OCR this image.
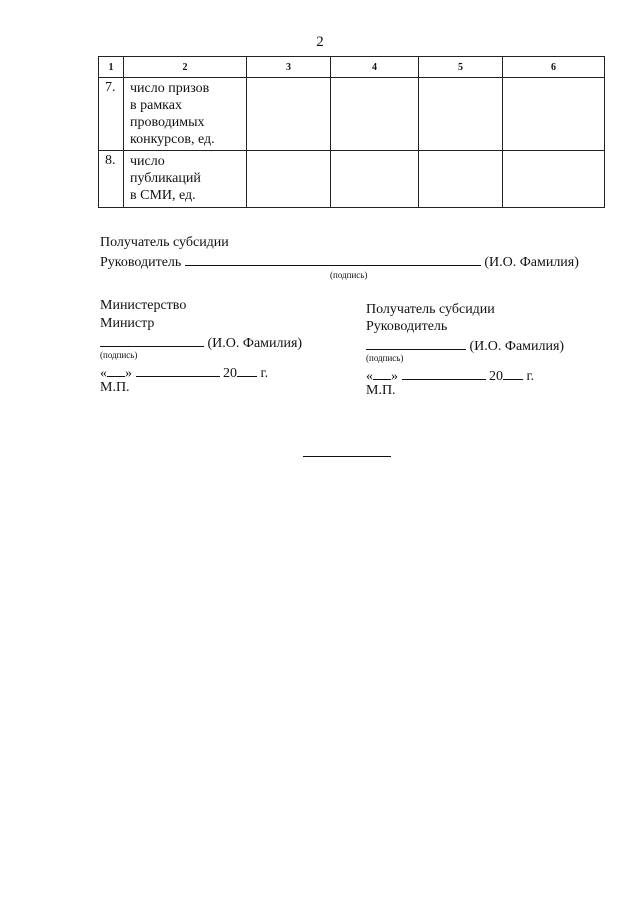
2
1	2	3	4	5	6
7.	число призов
в рамках
проводимых
конкурсов, ед.				

8.	число
публикаций
в СМИ, ед.				

Получатель субсидии
Руководитель	(И.О. Фамилия)
(подпись)
Министерство
Министр
(И.О. Фамилия)
(подпись)
« »	20 г.
М.П.
Получатель субсидии
Руководитель
(И.О. Фамилия)
(подпись)
« »	20 г.
М.П.
